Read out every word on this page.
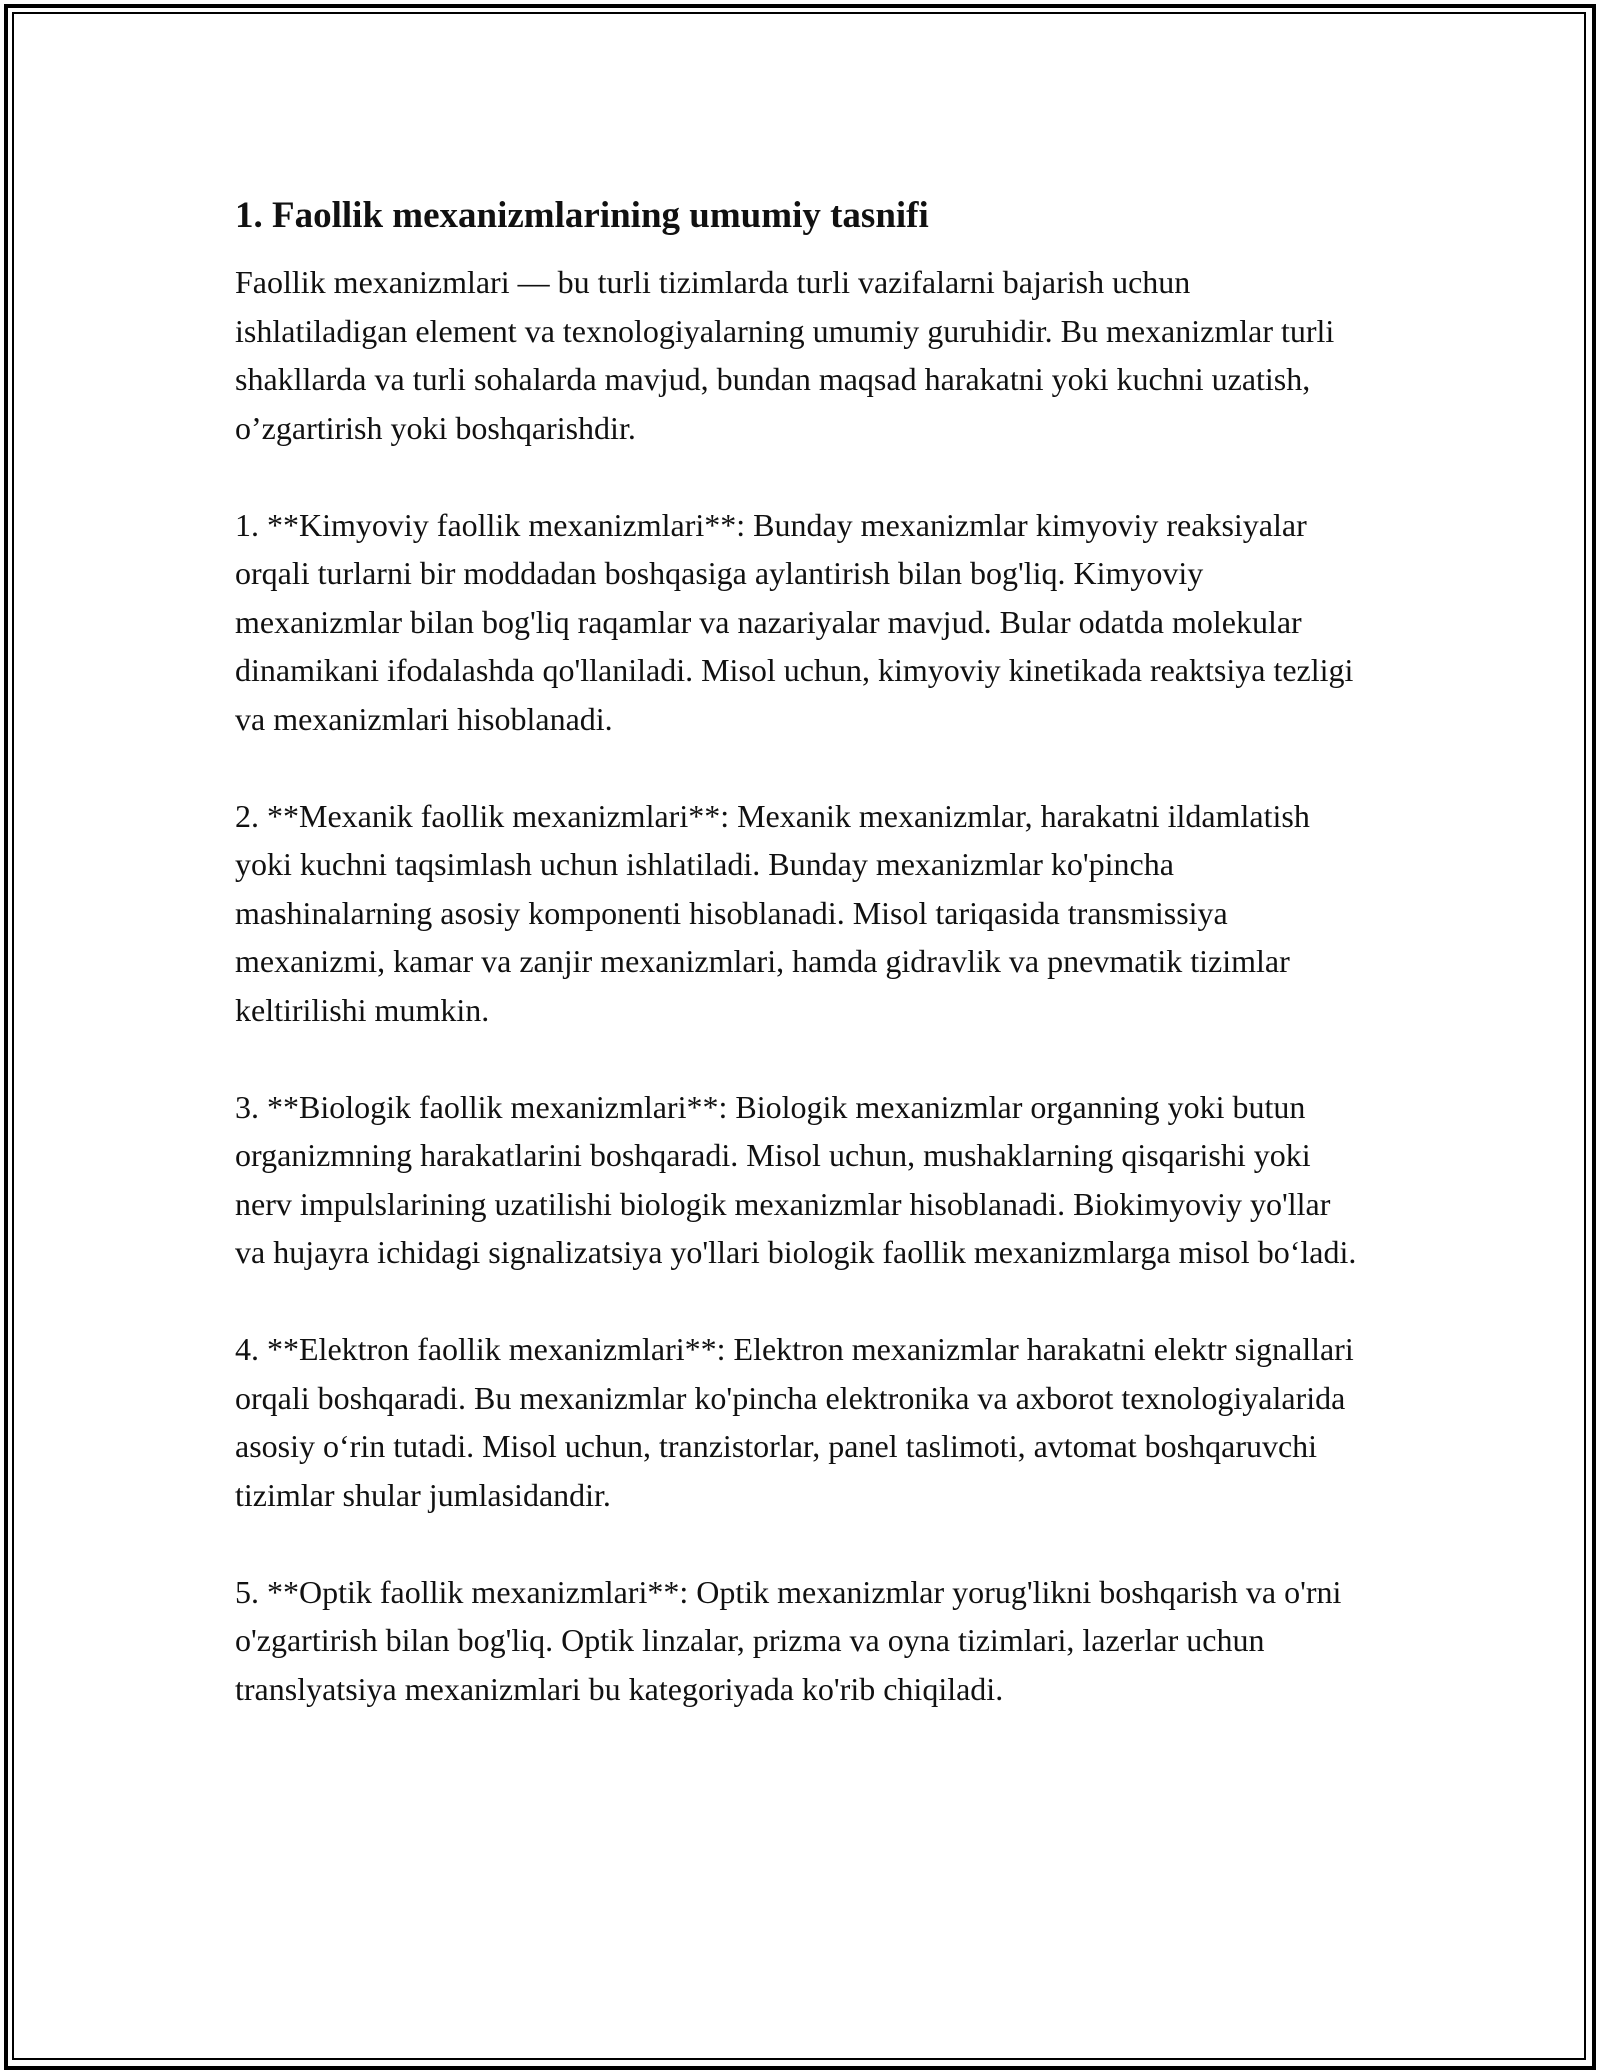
1. Faollik mexanizmlarining umumiy tasnifi

Faollik mexanizmlari — bu turli tizimlarda turli vazifalarni bajarish uchun ishlatiladigan element va texnologiyalarning umumiy guruhidir. Bu mexanizmlar turli shakllarda va turli sohalarda mavjud, bundan maqsad harakatni yoki kuchni uzatish, o’zgartirish yoki boshqarishdir.

1. **Kimyoviy faollik mexanizmlari**: Bunday mexanizmlar kimyoviy reaksiyalar orqali turlarni bir moddadan boshqasiga aylantirish bilan bog'liq. Kimyoviy mexanizmlar bilan bog'liq raqamlar va nazariyalar mavjud. Bular odatda molekular dinamikani ifodalashda qo'llaniladi. Misol uchun, kimyoviy kinetikada reaktsiya tezligi va mexanizmlari hisoblanadi.

2. **Mexanik faollik mexanizmlari**: Mexanik mexanizmlar, harakatni ildamlatish yoki kuchni taqsimlash uchun ishlatiladi. Bunday mexanizmlar ko'pincha mashinalarning asosiy komponenti hisoblanadi. Misol tariqasida transmissiya mexanizmi, kamar va zanjir mexanizmlari, hamda gidravlik va pnevmatik tizimlar keltirilishi mumkin.

3. **Biologik faollik mexanizmlari**: Biologik mexanizmlar organning yoki butun organizmning harakatlarini boshqaradi. Misol uchun, mushaklarning qisqarishi yoki nerv impulslarining uzatilishi biologik mexanizmlar hisoblanadi. Biokimyoviy yo'llar va hujayra ichidagi signalizatsiya yo'llari biologik faollik mexanizmlarga misol bo‘ladi.

4. **Elektron faollik mexanizmlari**: Elektron mexanizmlar harakatni elektr signallari orqali boshqaradi. Bu mexanizmlar ko'pincha elektronika va axborot texnologiyalarida asosiy o‘rin tutadi. Misol uchun, tranzistorlar, panel taslimoti, avtomat boshqaruvchi tizimlar shular jumlasidandir.

5. **Optik faollik mexanizmlari**: Optik mexanizmlar yorug'likni boshqarish va o'rni o'zgartirish bilan bog'liq. Optik linzalar, prizma va oyna tizimlari, lazerlar uchun translyatsiya mexanizmlari bu kategoriyada ko'rib chiqiladi.
